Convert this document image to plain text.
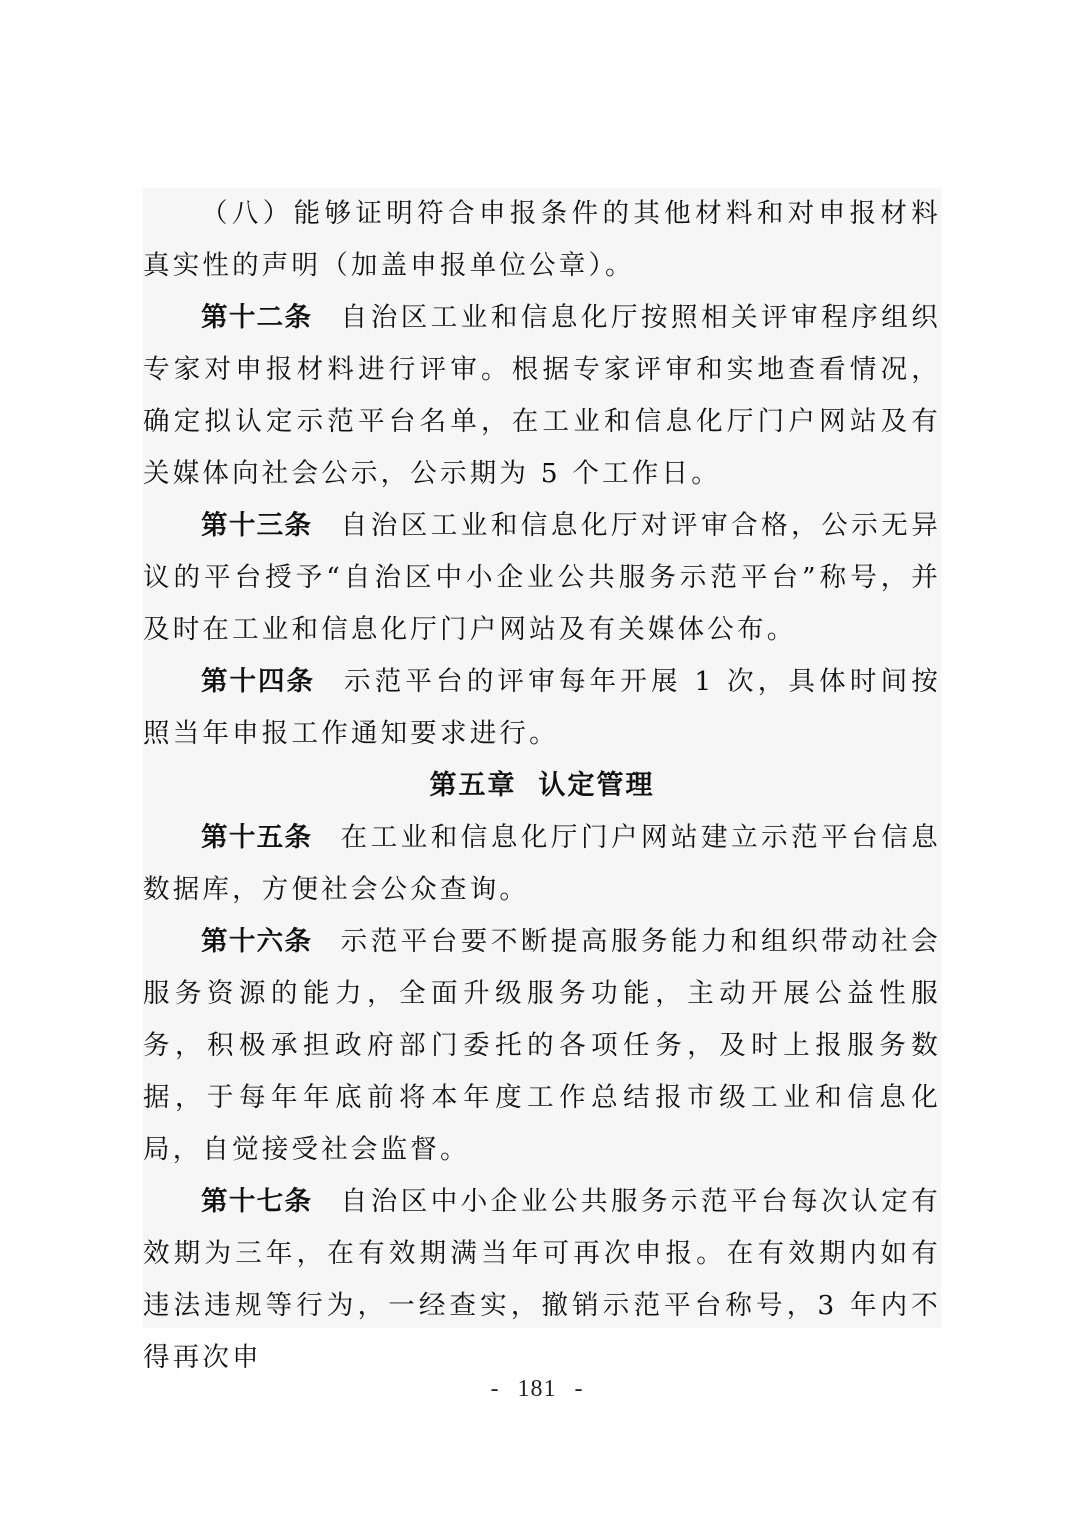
（八）能够证明符合申报条件的其他材料和对申报材料真实性的声明（加盖申报单位公章）。

第十二条 自治区工业和信息化厅按照相关评审程序组织专家对申报材料进行评审。根据专家评审和实地查看情况，确定拟认定示范平台名单，在工业和信息化厅门户网站及有关媒体向社会公示，公示期为 5 个工作日。

第十三条 自治区工业和信息化厅对评审合格，公示无异议的平台授予“自治区中小企业公共服务示范平台”称号，并及时在工业和信息化厅门户网站及有关媒体公布。

第十四条 示范平台的评审每年开展 1 次，具体时间按照当年申报工作通知要求进行。

第五章 认定管理

第十五条 在工业和信息化厅门户网站建立示范平台信息数据库，方便社会公众查询。

第十六条 示范平台要不断提高服务能力和组织带动社会服务资源的能力，全面升级服务功能，主动开展公益性服务，积极承担政府部门委托的各项任务，及时上报服务数据，于每年年底前将本年度工作总结报市级工业和信息化局，自觉接受社会监督。

第十七条 自治区中小企业公共服务示范平台每次认定有效期为三年，在有效期满当年可再次申报。在有效期内如有违法违规等行为，一经查实，撤销示范平台称号，3 年内不得再次申

- 181 -
